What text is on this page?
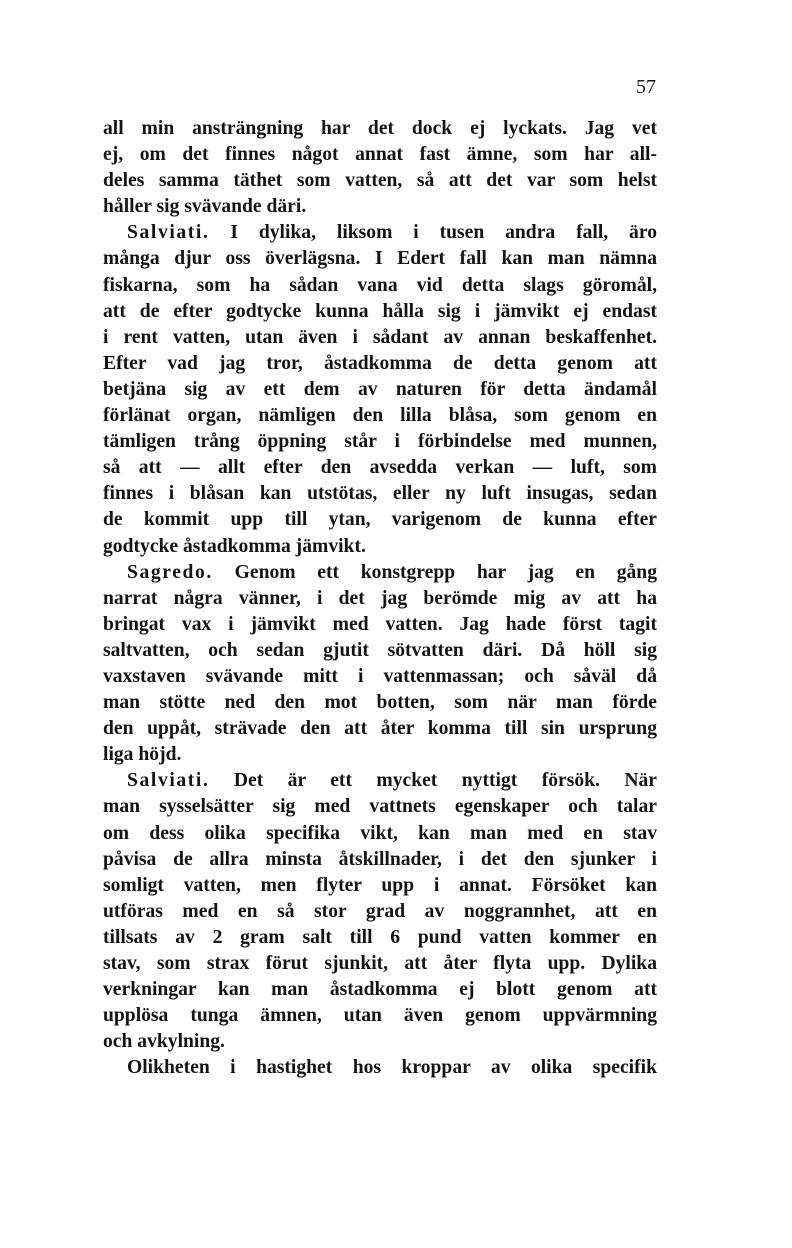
57
all min ansträngning har det dock ej lyckats. Jag vet
ej, om det finnes något annat fast ämne, som har all-
deles samma täthet som vatten, så att det var som helst
håller sig svävande däri.
Salviati. I dylika, liksom i tusen andra fall, äro
många djur oss överlägsna. I Edert fall kan man nämna
fiskarna, som ha sådan vana vid detta slags göromål,
att de efter godtycke kunna hålla sig i jämvikt ej endast
i rent vatten, utan även i sådant av annan beskaffenhet.
Efter vad jag tror, åstadkomma de detta genom att
betjäna sig av ett dem av naturen för detta ändamål
förlänat organ, nämligen den lilla blåsa, som genom en
tämligen trång öppning står i förbindelse med munnen,
så att — allt efter den avsedda verkan — luft, som
finnes i blåsan kan utstötas, eller ny luft insugas, sedan
de kommit upp till ytan, varigenom de kunna efter
godtycke åstadkomma jämvikt.
Sagredo. Genom ett konstgrepp har jag en gång
narrat några vänner, i det jag berömde mig av att ha
bringat vax i jämvikt med vatten. Jag hade först tagit
saltvatten, och sedan gjutit sötvatten däri. Då höll sig
vaxstaven svävande mitt i vattenmassan; och såväl då
man stötte ned den mot botten, som när man förde
den uppåt, strävade den att åter komma till sin ursprung
liga höjd.
Salviati. Det är ett mycket nyttigt försök. När
man sysselsätter sig med vattnets egenskaper och talar
om dess olika specifika vikt, kan man med en stav
påvisa de allra minsta åtskillnader, i det den sjunker i
somligt vatten, men flyter upp i annat. Försöket kan
utföras med en så stor grad av noggrannhet, att en
tillsats av 2 gram salt till 6 pund vatten kommer en
stav, som strax förut sjunkit, att åter flyta upp. Dylika
verkningar kan man åstadkomma ej blott genom att
upplösa tunga ämnen, utan även genom uppvärmning
och avkylning.
Olikheten i hastighet hos kroppar av olika specifik
